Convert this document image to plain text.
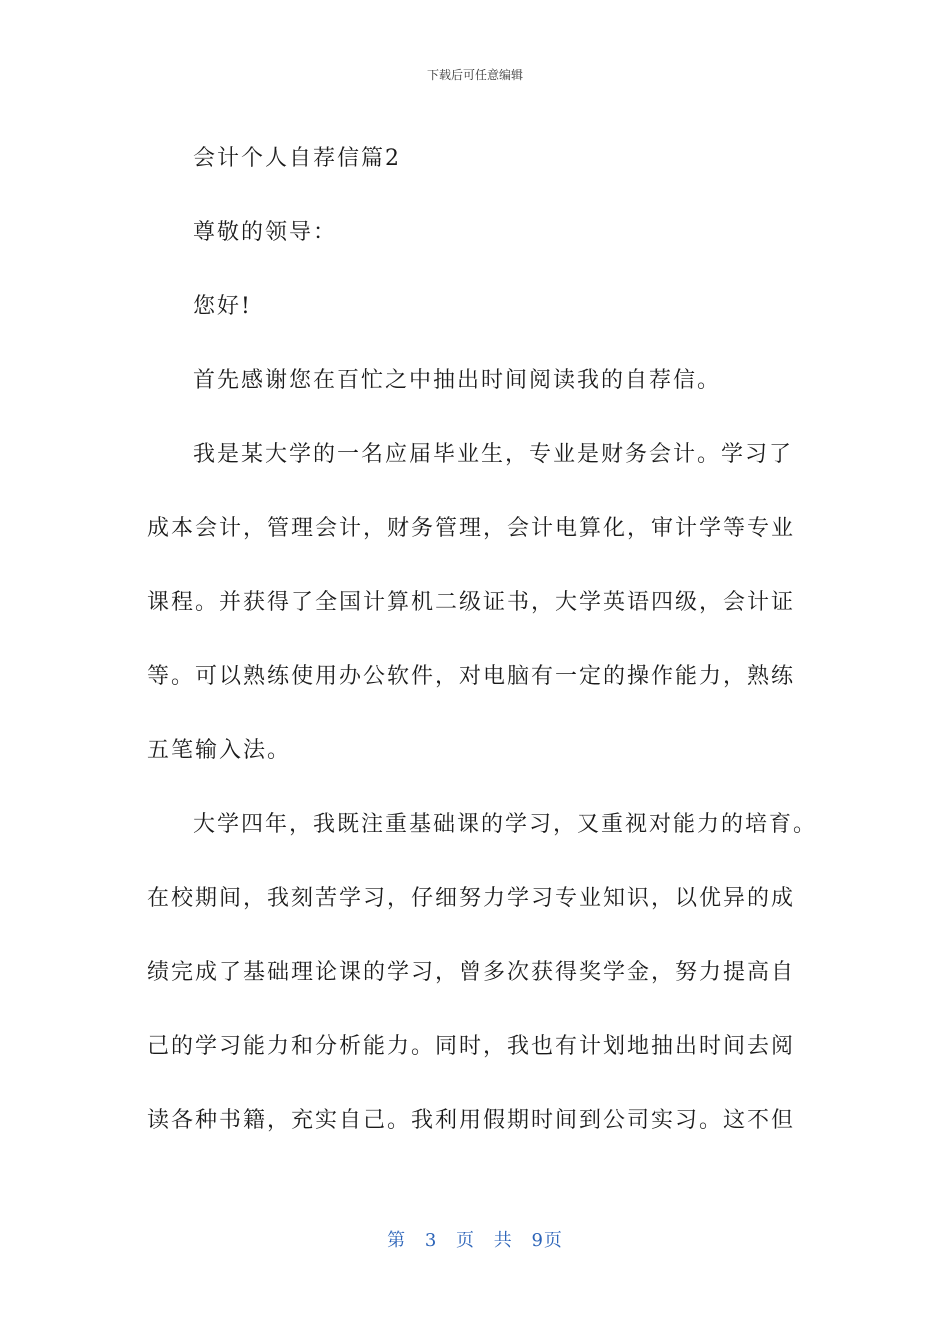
下载后可任意编辑
会计个人自荐信篇2
尊敬的领导：
您好!
首先感谢您在百忙之中抽出时间阅读我的自荐信。
我是某大学的一名应届毕业生，专业是财务会计。学习了
成本会计，管理会计，财务管理，会计电算化，审计学等专业
课程。并获得了全国计算机二级证书，大学英语四级，会计证
等。可以熟练使用办公软件，对电脑有一定的操作能力，熟练
五笔输入法。
大学四年，我既注重基础课的学习，又重视对能力的培育。
在校期间，我刻苦学习，仔细努力学习专业知识，以优异的成
绩完成了基础理论课的学习，曾多次获得奖学金，努力提高自
己的学习能力和分析能力。同时，我也有计划地抽出时间去阅
读各种书籍，充实自己。我利用假期时间到公司实习。这不但
第 3 页 共 9页
